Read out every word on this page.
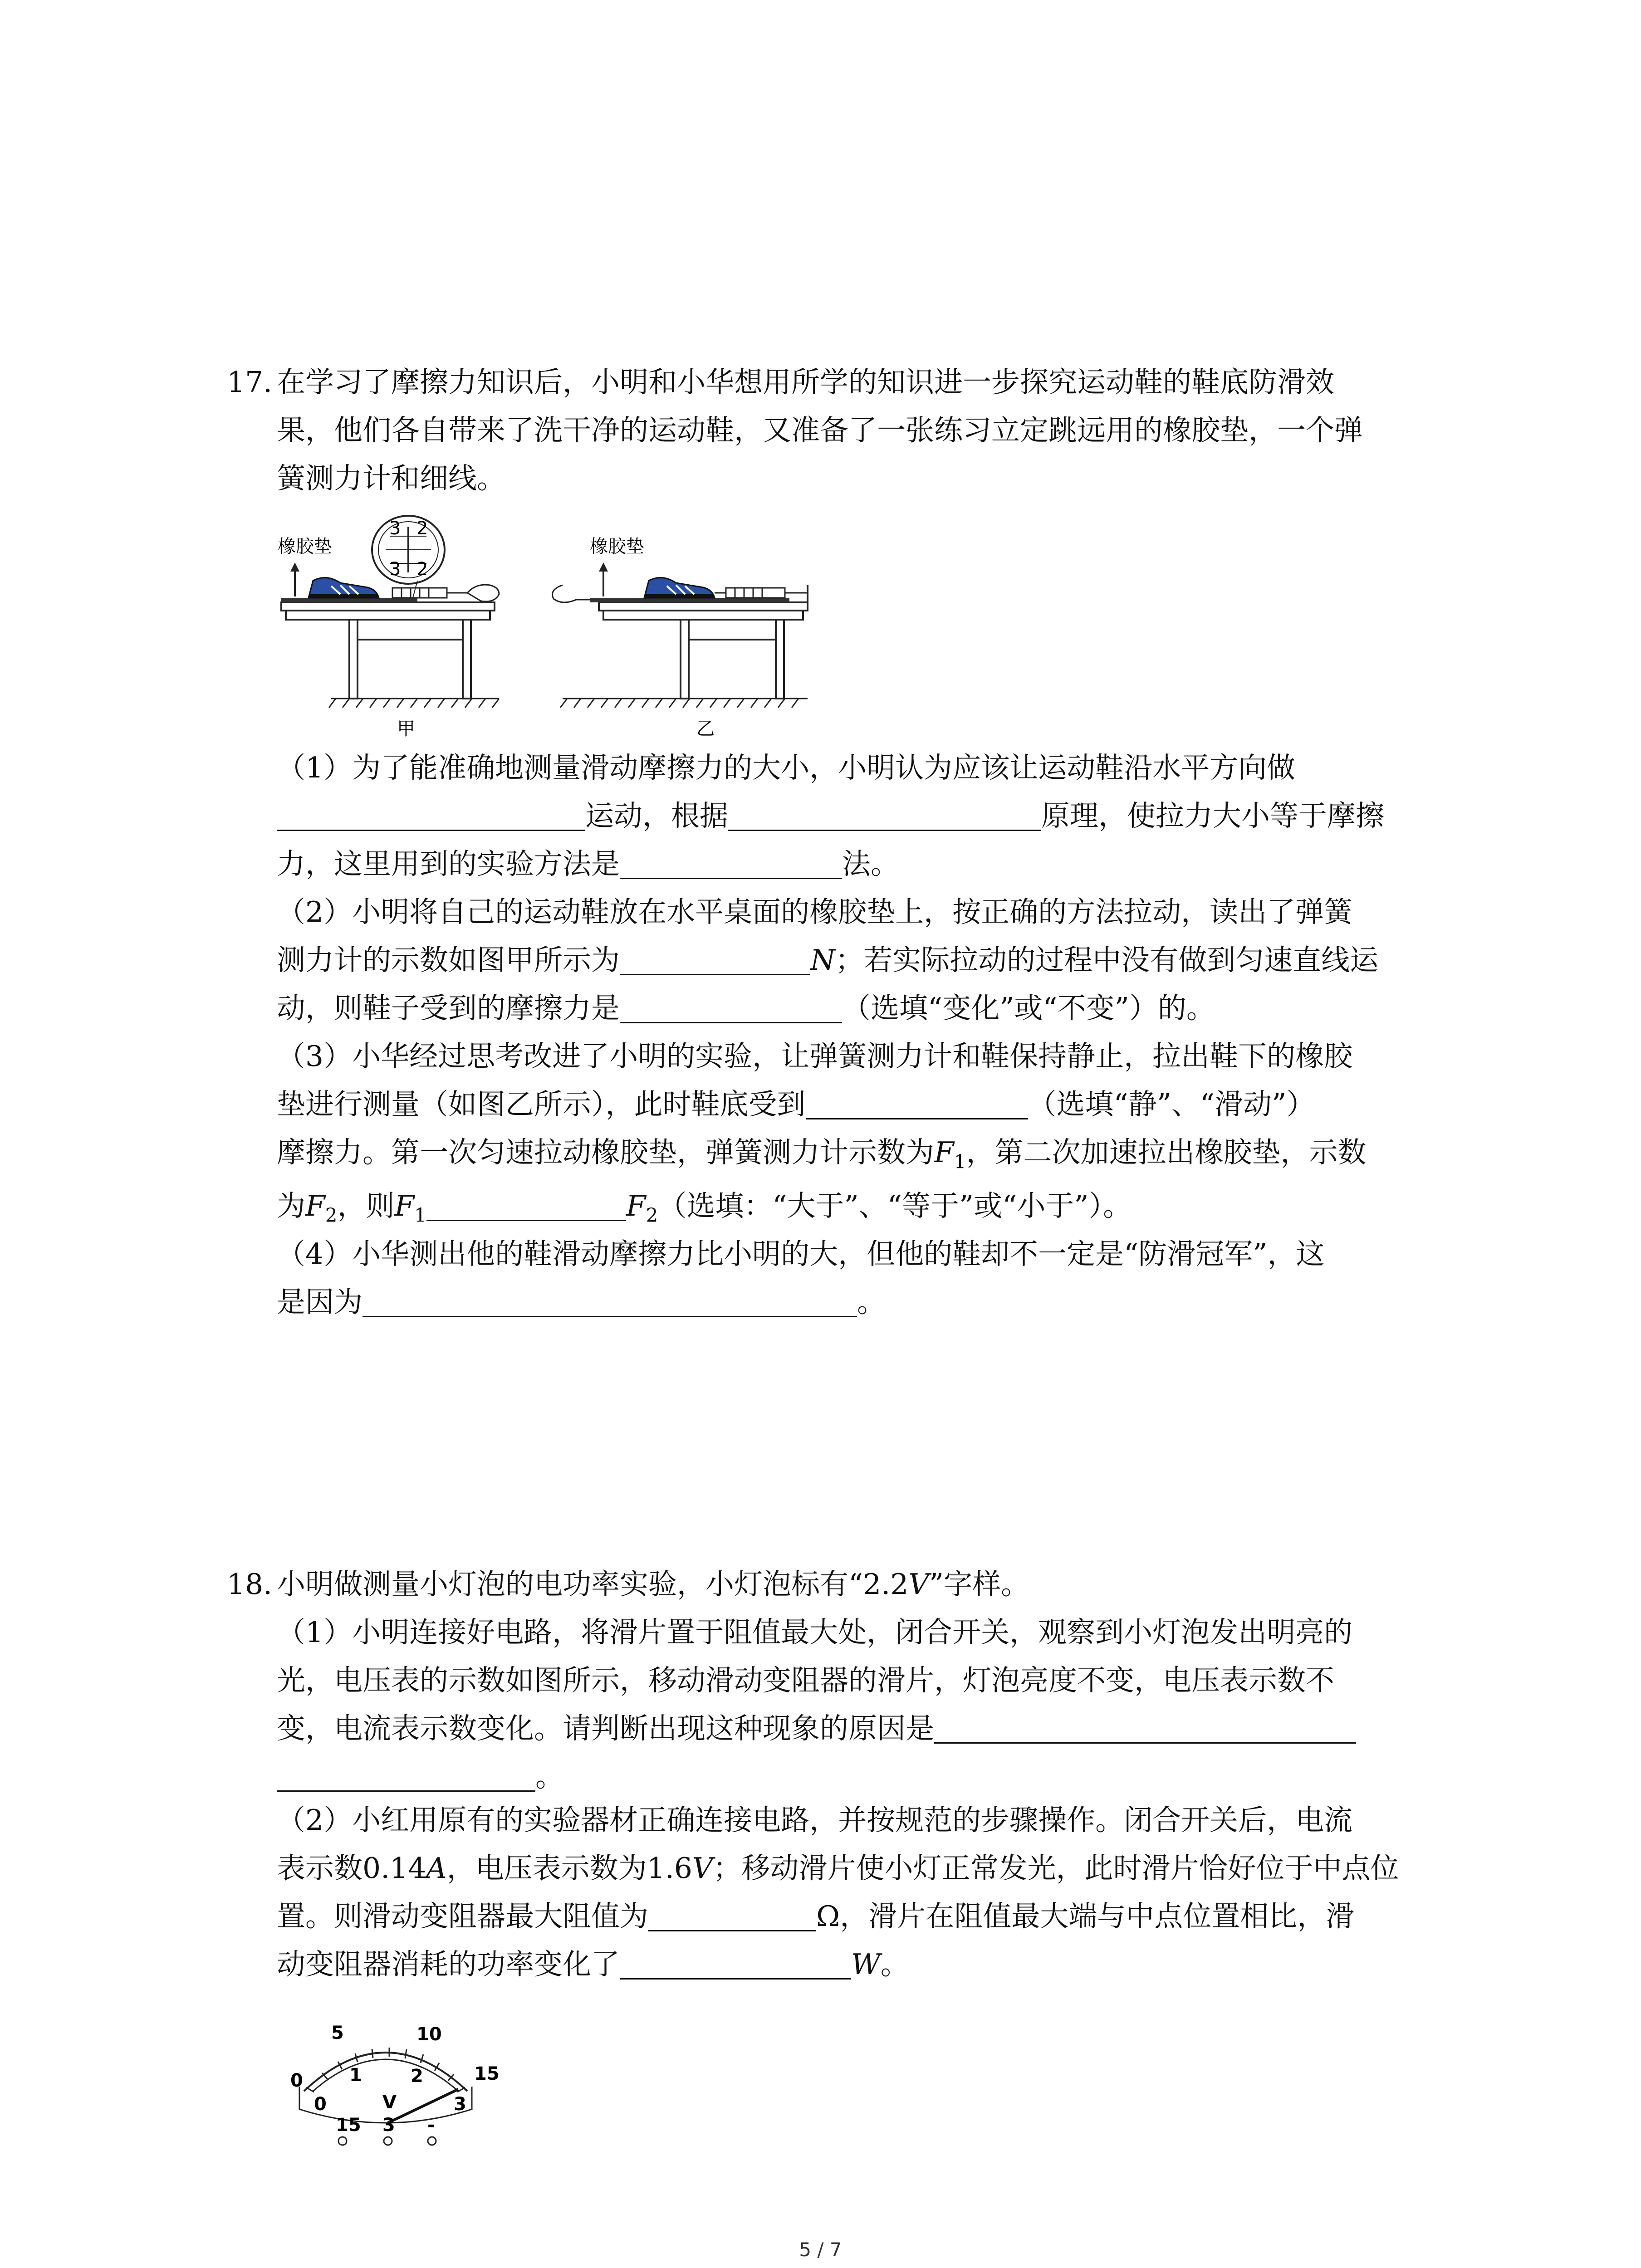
17. 在学习了摩擦力知识后，小明和小华想用所学的知识进一步探究运动鞋的鞋底防滑效
果，他们各自带来了洗干净的运动鞋，又准备了一张练习立定跳远用的橡胶垫，一个弹
簧测力计和细线。
3 2
3 2
橡胶垫
甲
橡胶垫
乙
（1）为了能准确地测量滑动摩擦力的大小，小明认为应该让运动鞋沿水平方向做
运动，根据	原理，使拉力大小等于摩擦
力，这里用到的实验方法是	法。
（2）小明将自己的运动鞋放在水平桌面的橡胶垫上，按正确的方法拉动，读出了弹簧
测力计的示数如图甲所示为	N；若实际拉动的过程中没有做到匀速直线运
动，则鞋子受到的摩擦力是	（选填“变化”或“不变”）的。
（3）小华经过思考改进了小明的实验，让弹簧测力计和鞋保持静止，拉出鞋下的橡胶
垫进行测量（如图乙所示），此时鞋底受到	（选填“静”、“滑动”）
摩擦力。第一次匀速拉动橡胶垫，弹簧测力计示数为$F_1$，第二次加速拉出橡胶垫，示数
为$F_2$，则$F_1$	$F_2$（选填：“大于”、“等于”或“小于”）。
（4）小华测出他的鞋滑动摩擦力比小明的大，但他的鞋却不一定是“防滑冠军”，这
是因为	。
18. 小明做测量小灯泡的电功率实验，小灯泡标有“2.2V”字样。
（1）小明连接好电路，将滑片置于阻值最大处，闭合开关，观察到小灯泡发出明亮的
光，电压表的示数如图所示，移动滑动变阻器的滑片，灯泡亮度不变，电压表示数不
变，电流表示数变化。请判断出现这种现象的原因是
。
（2）小红用原有的实验器材正确连接电路，并按规范的步骤操作。闭合开关后，电流
表示数0.14A，电压表示数为1.6V；移动滑片使小灯正常发光，此时滑片恰好位于中点位
置。则滑动变阻器最大阻值为	Ω，滑片在阻值最大端与中点位置相比，滑
动变阻器消耗的功率变化了	W。
0
5	10
15
0
1	2
3
V
15 3 -
5 / 7
